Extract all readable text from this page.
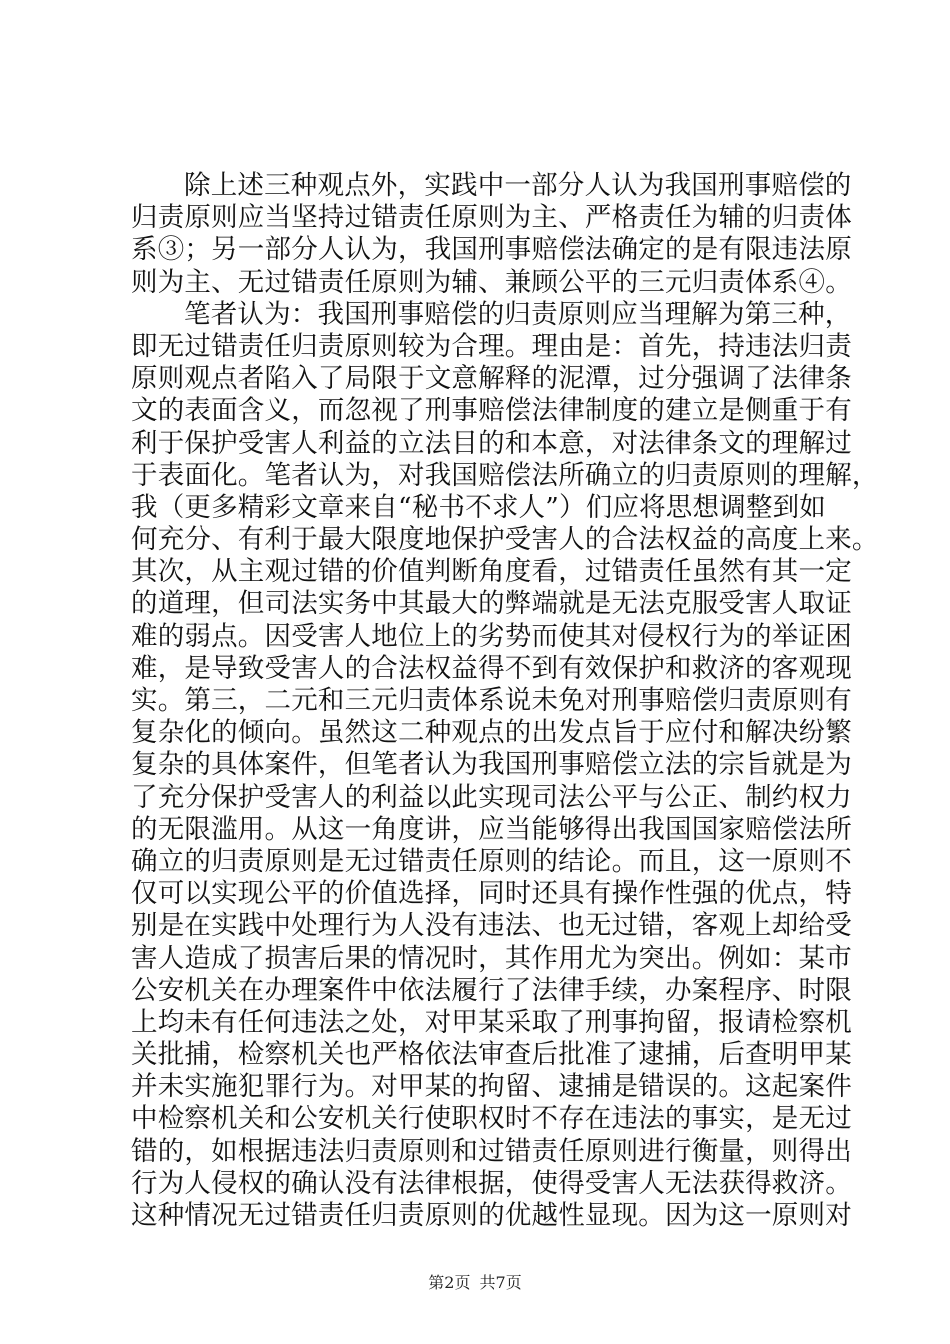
除上述三种观点外，实践中一部分人认为我国刑事赔偿的
归责原则应当坚持过错责任原则为主、严格责任为辅的归责体
系③；另一部分人认为，我国刑事赔偿法确定的是有限违法原
则为主、无过错责任原则为辅、兼顾公平的三元归责体系④。
笔者认为：我国刑事赔偿的归责原则应当理解为第三种，
即无过错责任归责原则较为合理。理由是：首先，持违法归责
原则观点者陷入了局限于文意解释的泥潭，过分强调了法律条
文的表面含义，而忽视了刑事赔偿法律制度的建立是侧重于有
利于保护受害人利益的立法目的和本意，对法律条文的理解过
于表面化。笔者认为，对我国赔偿法所确立的归责原则的理解，
我（更多精彩文章来自“秘书不求人”）们应将思想调整到如
何充分、有利于最大限度地保护受害人的合法权益的高度上来。
其次，从主观过错的价值判断角度看，过错责任虽然有其一定
的道理，但司法实务中其最大的弊端就是无法克服受害人取证
难的弱点。因受害人地位上的劣势而使其对侵权行为的举证困
难，是导致受害人的合法权益得不到有效保护和救济的客观现
实。第三，二元和三元归责体系说未免对刑事赔偿归责原则有
复杂化的倾向。虽然这二种观点的出发点旨于应付和解决纷繁
复杂的具体案件，但笔者认为我国刑事赔偿立法的宗旨就是为
了充分保护受害人的利益以此实现司法公平与公正、制约权力
的无限滥用。从这一角度讲，应当能够得出我国国家赔偿法所
确立的归责原则是无过错责任原则的结论。而且，这一原则不
仅可以实现公平的价值选择，同时还具有操作性强的优点，特
别是在实践中处理行为人没有违法、也无过错，客观上却给受
害人造成了损害后果的情况时，其作用尤为突出。例如：某市
公安机关在办理案件中依法履行了法律手续，办案程序、时限
上均未有任何违法之处，对甲某采取了刑事拘留，报请检察机
关批捕，检察机关也严格依法审查后批准了逮捕，后查明甲某
并未实施犯罪行为。对甲某的拘留、逮捕是错误的。这起案件
中检察机关和公安机关行使职权时不存在违法的事实，是无过
错的，如根据违法归责原则和过错责任原则进行衡量，则得出
行为人侵权的确认没有法律根据，使得受害人无法获得救济。
这种情况无过错责任归责原则的优越性显现。因为这一原则对
第2页 共7页
